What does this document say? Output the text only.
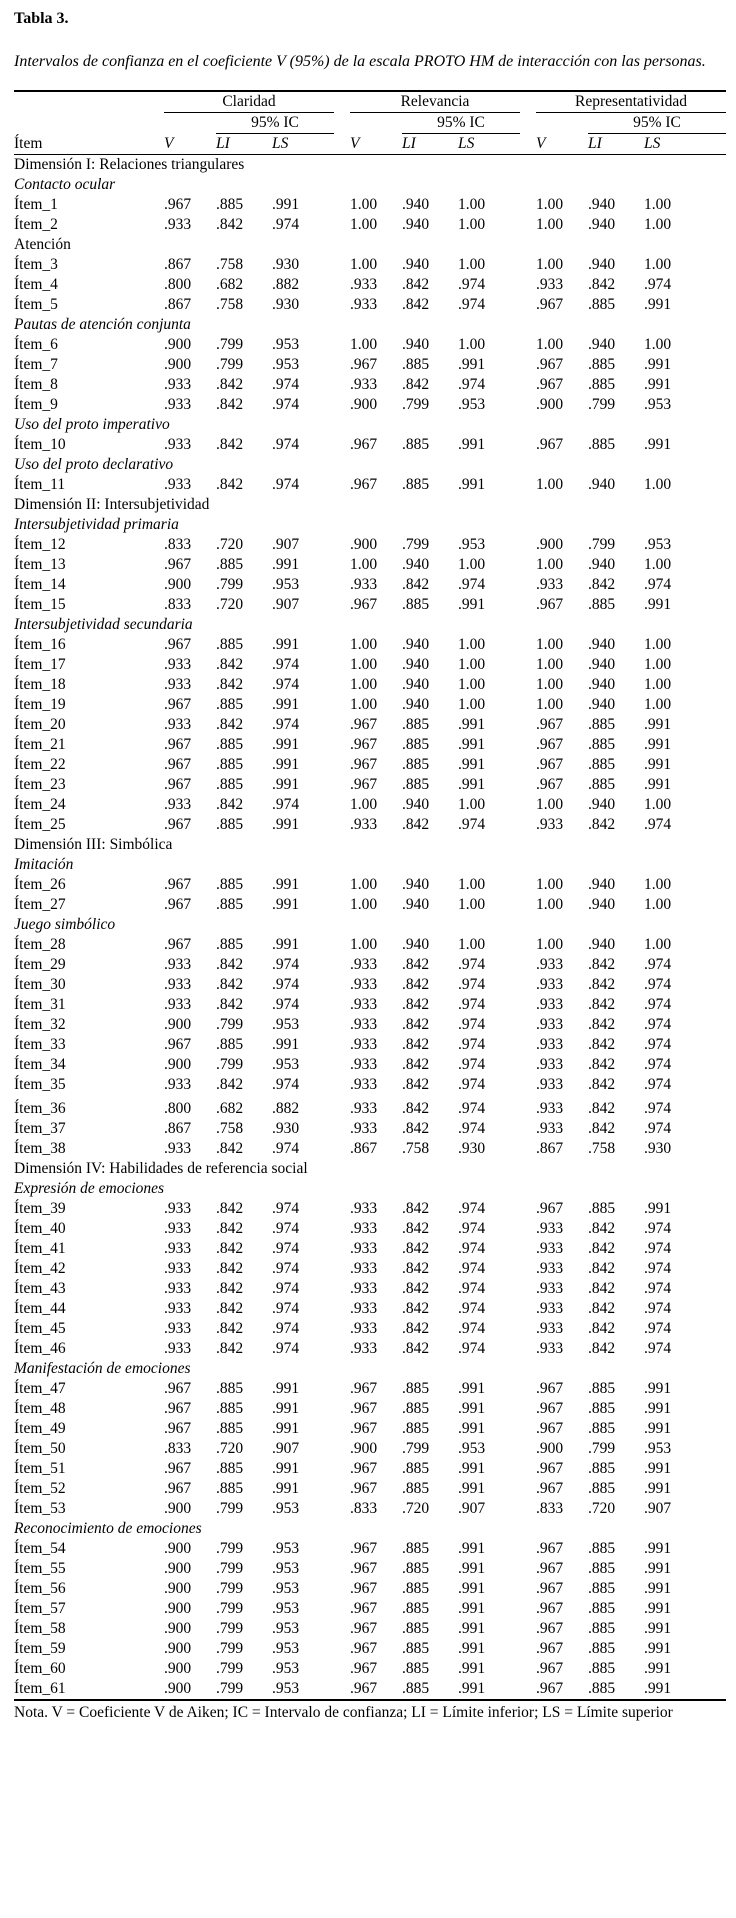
Tabla 3.
Intervalos de confianza en el coeficiente V (95%) de la escala PROTO HM de interacción con las personas.
	Claridad				Relevancia				Representatividad		
		95% IC				95% IC				95% IC	
Ítem	V	LI	LS		V	LI	LS		V	LI	LS
Dimensión I: Relaciones triangulares											
Contacto ocular											
Ítem_1	.967	.885	.991		1.00	.940	1.00		1.00	.940	1.00
Ítem_2	.933	.842	.974		1.00	.940	1.00		1.00	.940	1.00
Atención											
Ítem_3	.867	.758	.930		1.00	.940	1.00		1.00	.940	1.00
Ítem_4	.800	.682	.882		.933	.842	.974		.933	.842	.974
Ítem_5	.867	.758	.930		.933	.842	.974		.967	.885	.991
Pautas de atención conjunta											
Ítem_6	.900	.799	.953		1.00	.940	1.00		1.00	.940	1.00
Ítem_7	.900	.799	.953		.967	.885	.991		.967	.885	.991
Ítem_8	.933	.842	.974		.933	.842	.974		.967	.885	.991
Ítem_9	.933	.842	.974		.900	.799	.953		.900	.799	.953
Uso del proto imperativo											
Ítem_10	.933	.842	.974		.967	.885	.991		.967	.885	.991
Uso del proto declarativo											
Ítem_11	.933	.842	.974		.967	.885	.991		1.00	.940	1.00
Dimensión II: Intersubjetividad											
Intersubjetividad primaria											
Ítem_12	.833	.720	.907		.900	.799	.953		.900	.799	.953
Ítem_13	.967	.885	.991		1.00	.940	1.00		1.00	.940	1.00
Ítem_14	.900	.799	.953		.933	.842	.974		.933	.842	.974
Ítem_15	.833	.720	.907		.967	.885	.991		.967	.885	.991
Intersubjetividad secundaria											
Ítem_16	.967	.885	.991		1.00	.940	1.00		1.00	.940	1.00
Ítem_17	.933	.842	.974		1.00	.940	1.00		1.00	.940	1.00
Ítem_18	.933	.842	.974		1.00	.940	1.00		1.00	.940	1.00
Ítem_19	.967	.885	.991		1.00	.940	1.00		1.00	.940	1.00
Ítem_20	.933	.842	.974		.967	.885	.991		.967	.885	.991
Ítem_21	.967	.885	.991		.967	.885	.991		.967	.885	.991
Ítem_22	.967	.885	.991		.967	.885	.991		.967	.885	.991
Ítem_23	.967	.885	.991		.967	.885	.991		.967	.885	.991
Ítem_24	.933	.842	.974		1.00	.940	1.00		1.00	.940	1.00
Ítem_25	.967	.885	.991		.933	.842	.974		.933	.842	.974
Dimensión III: Simbólica											
Imitación											
Ítem_26	.967	.885	.991		1.00	.940	1.00		1.00	.940	1.00
Ítem_27	.967	.885	.991		1.00	.940	1.00		1.00	.940	1.00
Juego simbólico											
Ítem_28	.967	.885	.991		1.00	.940	1.00		1.00	.940	1.00
Ítem_29	.933	.842	.974		.933	.842	.974		.933	.842	.974
Ítem_30	.933	.842	.974		.933	.842	.974		.933	.842	.974
Ítem_31	.933	.842	.974		.933	.842	.974		.933	.842	.974
Ítem_32	.900	.799	.953		.933	.842	.974		.933	.842	.974
Ítem_33	.967	.885	.991		.933	.842	.974		.933	.842	.974
Ítem_34	.900	.799	.953		.933	.842	.974		.933	.842	.974
Ítem_35	.933	.842	.974		.933	.842	.974		.933	.842	.974
Ítem_36	.800	.682	.882		.933	.842	.974		.933	.842	.974
Ítem_37	.867	.758	.930		.933	.842	.974		.933	.842	.974
Ítem_38	.933	.842	.974		.867	.758	.930		.867	.758	.930
Dimensión IV: Habilidades de referencia social											
Expresión de emociones											
Ítem_39	.933	.842	.974		.933	.842	.974		.967	.885	.991
Ítem_40	.933	.842	.974		.933	.842	.974		.933	.842	.974
Ítem_41	.933	.842	.974		.933	.842	.974		.933	.842	.974
Ítem_42	.933	.842	.974		.933	.842	.974		.933	.842	.974
Ítem_43	.933	.842	.974		.933	.842	.974		.933	.842	.974
Ítem_44	.933	.842	.974		.933	.842	.974		.933	.842	.974
Ítem_45	.933	.842	.974		.933	.842	.974		.933	.842	.974
Ítem_46	.933	.842	.974		.933	.842	.974		.933	.842	.974
Manifestación de emociones											
Ítem_47	.967	.885	.991		.967	.885	.991		.967	.885	.991
Ítem_48	.967	.885	.991		.967	.885	.991		.967	.885	.991
Ítem_49	.967	.885	.991		.967	.885	.991		.967	.885	.991
Ítem_50	.833	.720	.907		.900	.799	.953		.900	.799	.953
Ítem_51	.967	.885	.991		.967	.885	.991		.967	.885	.991
Ítem_52	.967	.885	.991		.967	.885	.991		.967	.885	.991
Ítem_53	.900	.799	.953		.833	.720	.907		.833	.720	.907
Reconocimiento de emociones											
Ítem_54	.900	.799	.953		.967	.885	.991		.967	.885	.991
Ítem_55	.900	.799	.953		.967	.885	.991		.967	.885	.991
Ítem_56	.900	.799	.953		.967	.885	.991		.967	.885	.991
Ítem_57	.900	.799	.953		.967	.885	.991		.967	.885	.991
Ítem_58	.900	.799	.953		.967	.885	.991		.967	.885	.991
Ítem_59	.900	.799	.953		.967	.885	.991		.967	.885	.991
Ítem_60	.900	.799	.953		.967	.885	.991		.967	.885	.991
Ítem_61	.900	.799	.953		.967	.885	.991		.967	.885	.991
Nota. V = Coeficiente V de Aiken; IC = Intervalo de confianza; LI = Límite inferior; LS = Límite superior
